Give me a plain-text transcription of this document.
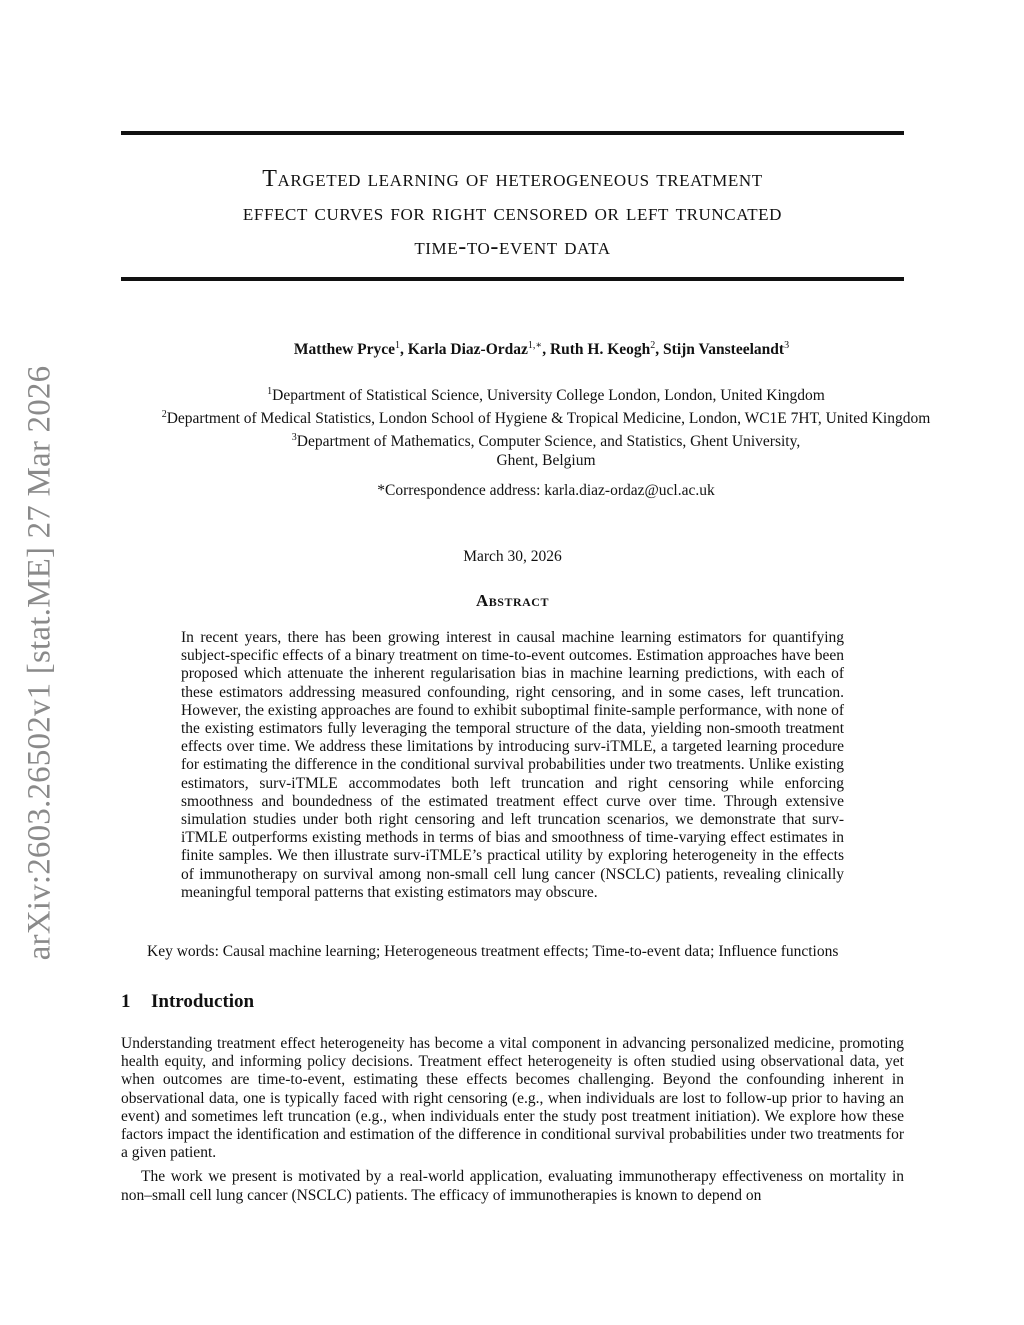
arXiv:2603.26502v1 [stat.ME] 27 Mar 2026
Targeted learning of heterogeneous treatment
effect curves for right censored or left truncated
time-to-event data
Matthew Pryce$^1$, Karla Diaz-Ordaz$^{1,∗}$, Ruth H. Keogh$^2$, Stijn Vansteelandt$^3$
$^1$Department of Statistical Science, University College London, London, United Kingdom
$^2$Department of Medical Statistics, London School of Hygiene & Tropical Medicine, London, WC1E 7HT, United Kingdom
$^3$Department of Mathematics, Computer Science, and Statistics, Ghent University,
Ghent, Belgium
*Correspondence address: karla.diaz-ordaz@ucl.ac.uk
March 30, 2026
Abstract
In recent years, there has been growing interest in causal machine learning estimators for quantifying subject-specific effects of a binary treatment on time-to-event outcomes. Estimation approaches have been proposed which attenuate the inherent regularisation bias in machine learning predictions, with each of these estimators addressing measured confounding, right censoring, and in some cases, left truncation. However, the existing approaches are found to exhibit suboptimal finite-sample performance, with none of the existing estimators fully leveraging the temporal structure of the data, yielding non-smooth treatment effects over time. We address these limitations by introducing surv-iTMLE, a targeted learning procedure for estimating the difference in the conditional survival probabilities under two treatments. Unlike existing estimators, surv-iTMLE accommodates both left truncation and right censoring while enforcing smoothness and boundedness of the estimated treatment effect curve over time. Through extensive simulation studies under both right censoring and left truncation scenarios, we demonstrate that surv-iTMLE outperforms existing methods in terms of bias and smoothness of time-varying effect estimates in finite samples. We then illustrate surv-iTMLE’s practical utility by exploring heterogeneity in the effects of immunotherapy on survival among non-small cell lung cancer (NSCLC) patients, revealing clinically meaningful temporal patterns that existing estimators may obscure.
Key words: Causal machine learning; Heterogeneous treatment effects; Time-to-event data; Influence functions
1 Introduction

Understanding treatment effect heterogeneity has become a vital component in advancing personalized medicine, promoting health equity, and informing policy decisions. Treatment effect heterogeneity is often studied using observational data, yet when outcomes are time-to-event, estimating these effects becomes challenging. Beyond the confounding inherent in observational data, one is typically faced with right censoring (e.g., when individuals are lost to follow-up prior to having an event) and sometimes left truncation (e.g., when individuals enter the study post treatment initiation). We explore how these factors impact the identification and estimation of the difference in conditional survival probabilities under two treatments for a given patient.

The work we present is motivated by a real-world application, evaluating immunotherapy effectiveness on mortality in non–small cell lung cancer (NSCLC) patients. The efficacy of immunotherapies is known to depend on
